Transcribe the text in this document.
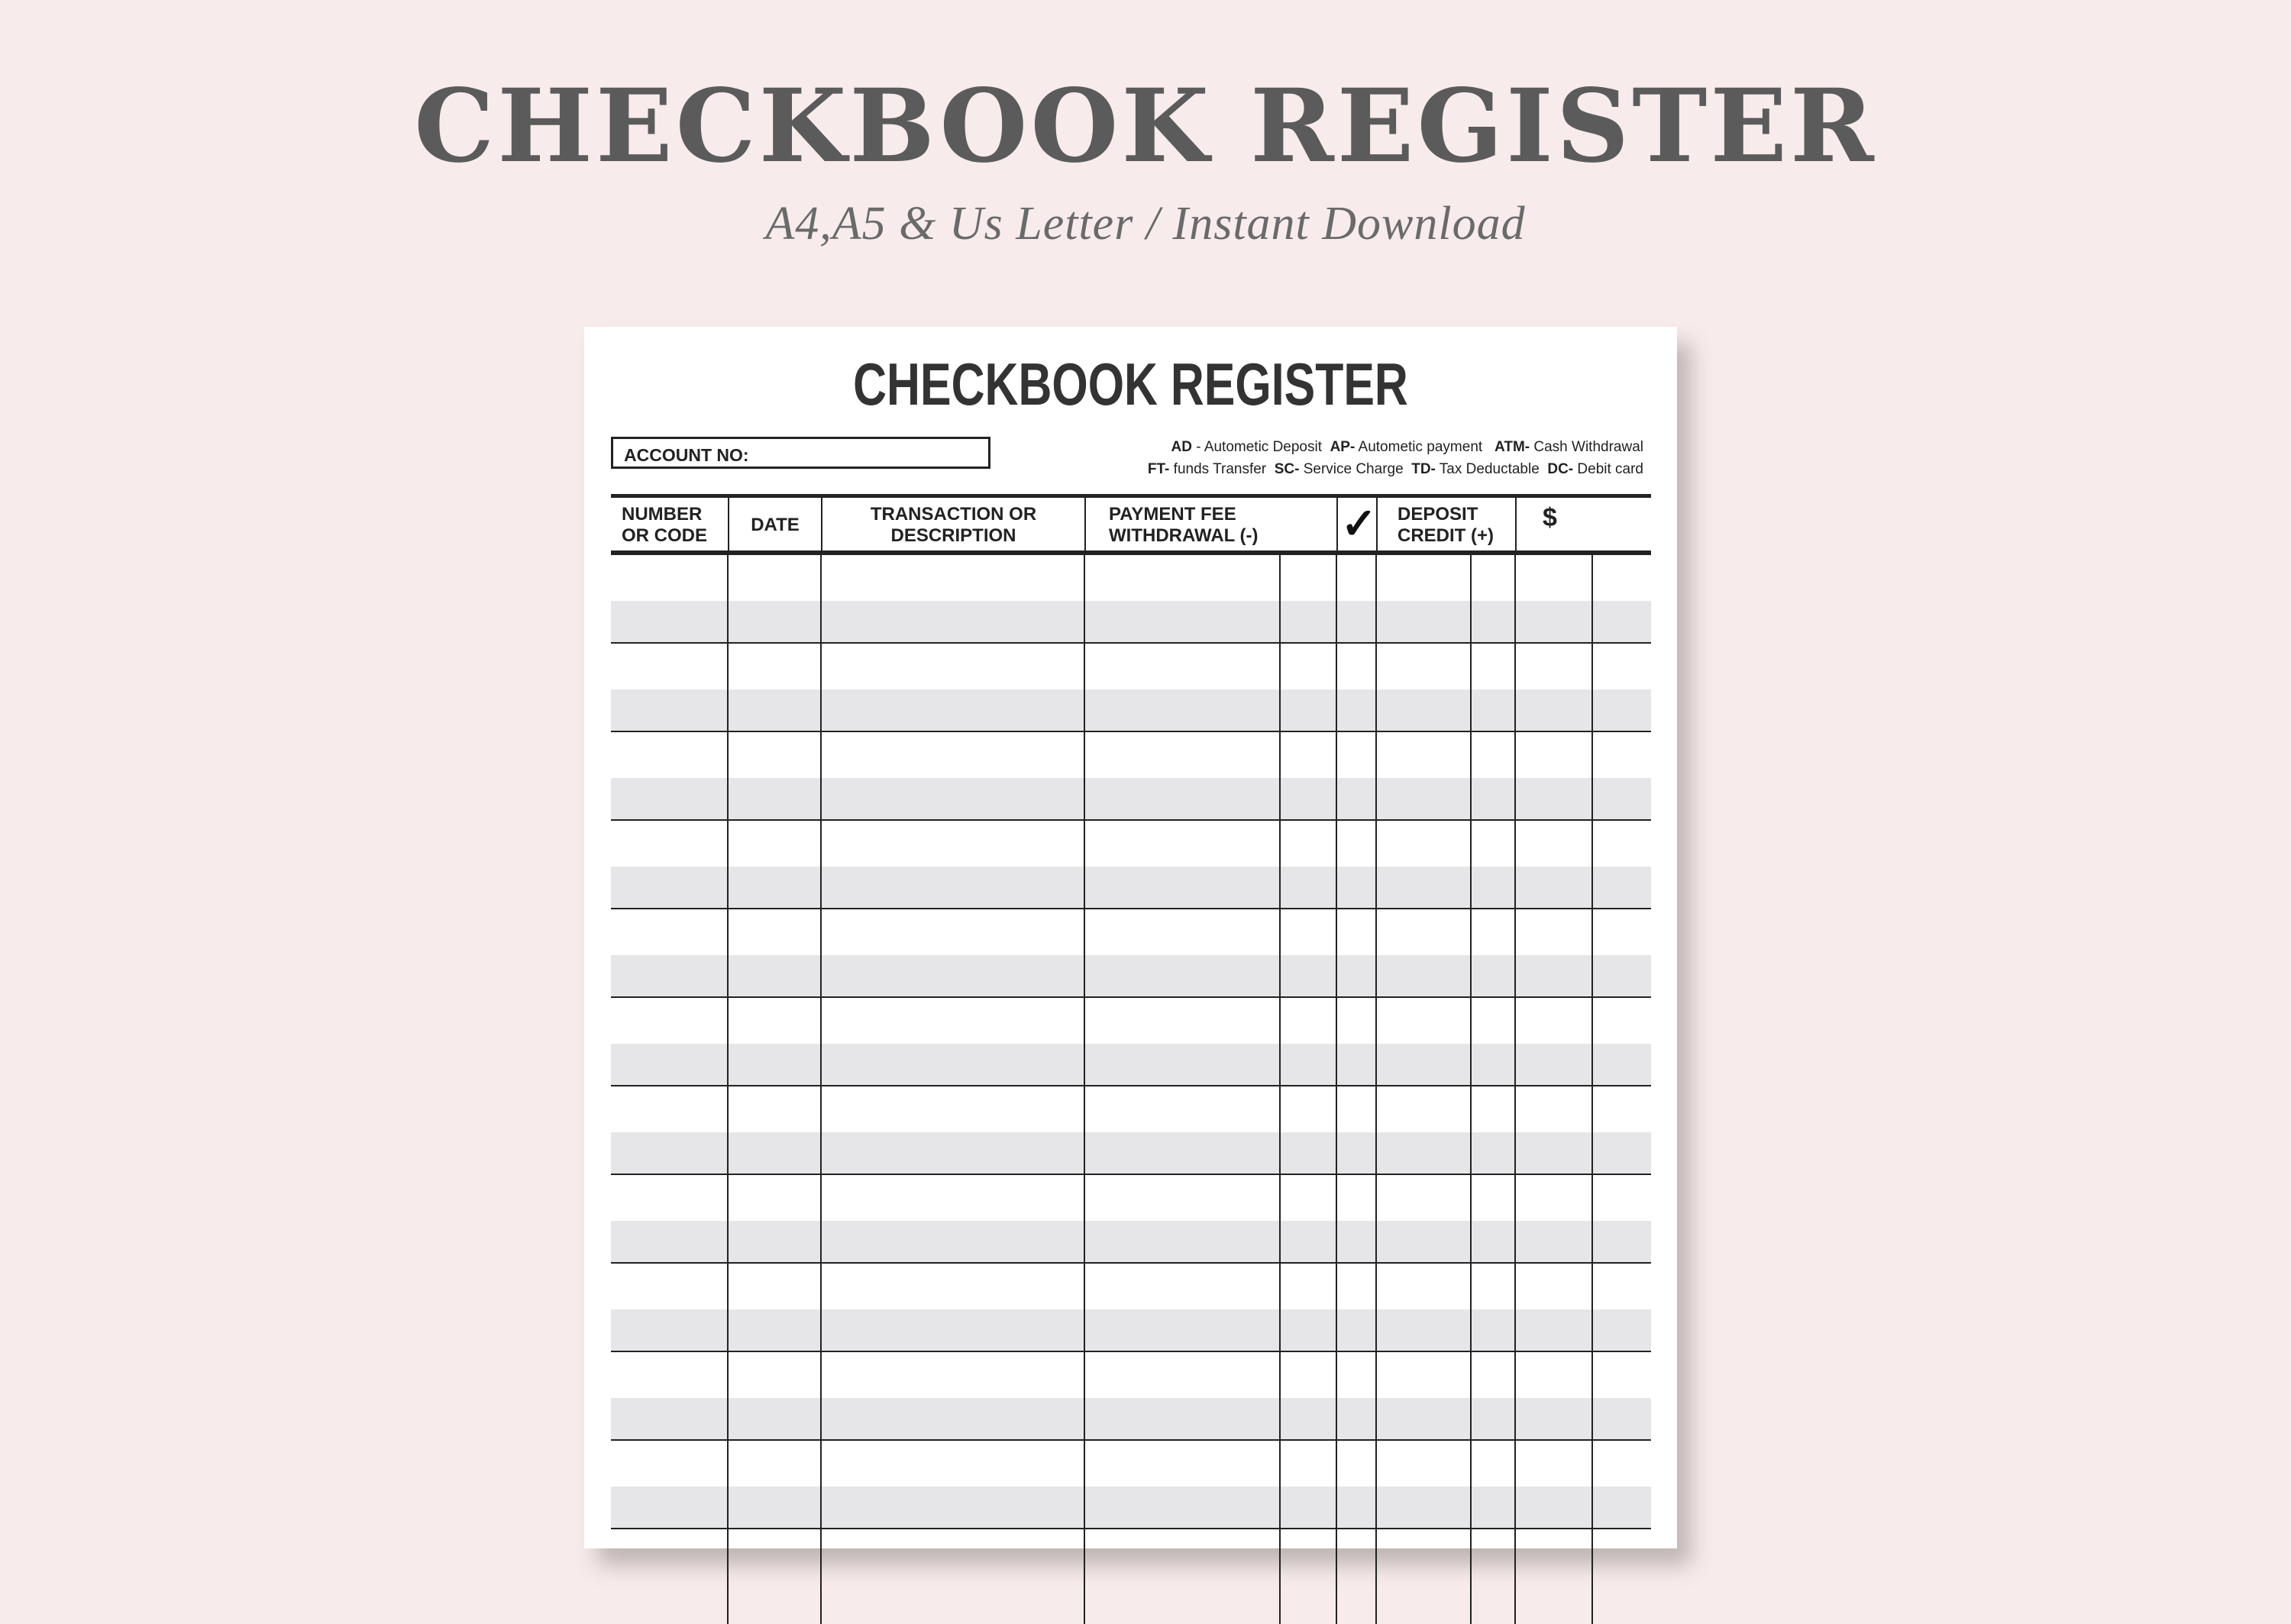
CHECKBOOK REGISTER
A4,A5 & Us Letter / Instant Download
CHECKBOOK REGISTER
ACCOUNT NO:	AD - Autometic Deposit AP- Autometic payment ATM- Cash Withdrawal
FT- funds Transfer SC- Service Charge TD- Tax Deductable DC- Debit card
NUMBER
OR CODE
DATE
TRANSACTION OR
DESCRIPTION
PAYMENT FEE
WITHDRAWAL (-) ✓ DEPOSIT
CREDIT (+)
$
